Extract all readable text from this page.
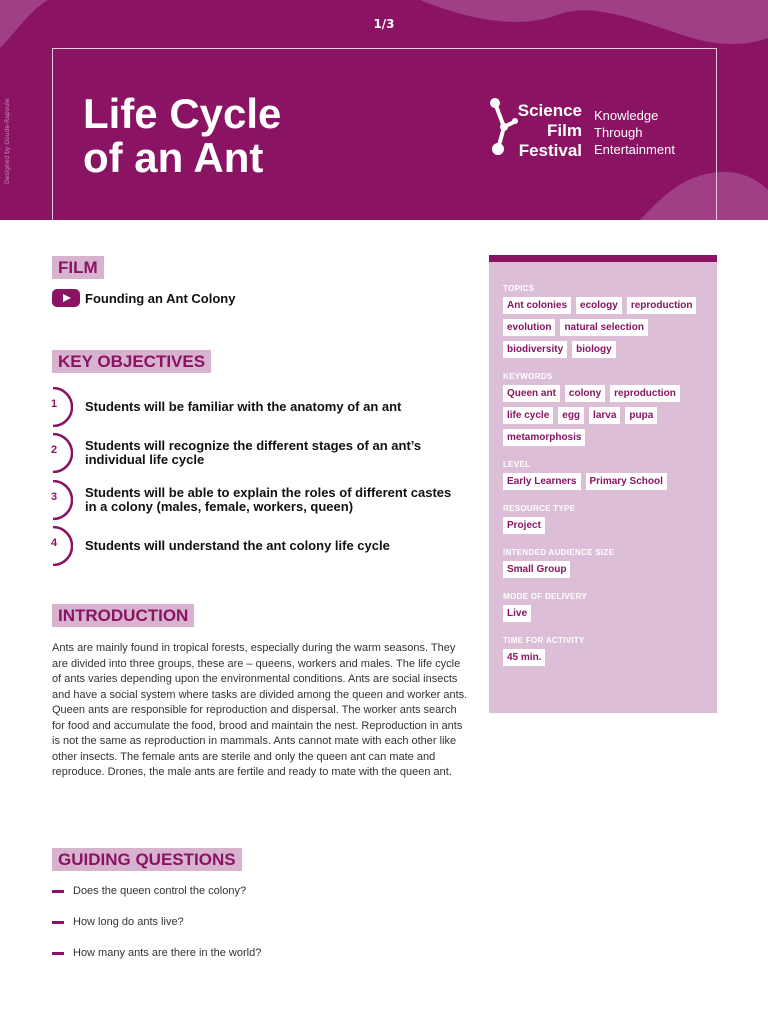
1/3
Designed by Goude-Rapoule Life Cycle
of an Ant
Science
Film
Festival
Knowledge
Through
Entertainment
FILM
Founding an Ant Colony
KEY OBJECTIVES
1 Students will be familiar with the anatomy of an ant
2 Students will recognize the different stages of an ant’s individual life cycle
3 Students will be able to explain the roles of different castes in a colony (males, female, workers, queen)
4 Students will understand the ant colony life cycle
INTRODUCTION

Ants are mainly found in tropical forests, especially during the warm seasons. They are divided into three groups, these are – queens, workers and males. The life cycle of ants varies depending upon the environmental conditions. Ants are social insects and have a social system where tasks are divided among the queen and worker ants. Queen ants are responsible for reproduction and dispersal. The worker ants search for food and accumulate the food, brood and maintain the nest. Reproduction in ants is not the same as reproduction in mammals. Ants cannot mate with each other like other insects. The female ants are sterile and only the queen ant can mate and reproduce. Drones, the male ants are fertile and ready to mate with the queen ant.

GUIDING QUESTIONS
Does the queen control the colony?
How long do ants live?
How many ants are there in the world?
TOPICS
Ant colonies	ecology	reproduction
evolution	natural selection
biodiversity	biology
KEYWORDS
Queen ant	colony	reproduction
life cycle	egg	larva	pupa
metamorphosis
LEVEL
Early Learners	Primary School
RESOURCE TYPE
Project
INTENDED AUDIENCE SIZE
Small Group
MODE OF DELIVERY
Live
TIME FOR ACTIVITY
45 min.
